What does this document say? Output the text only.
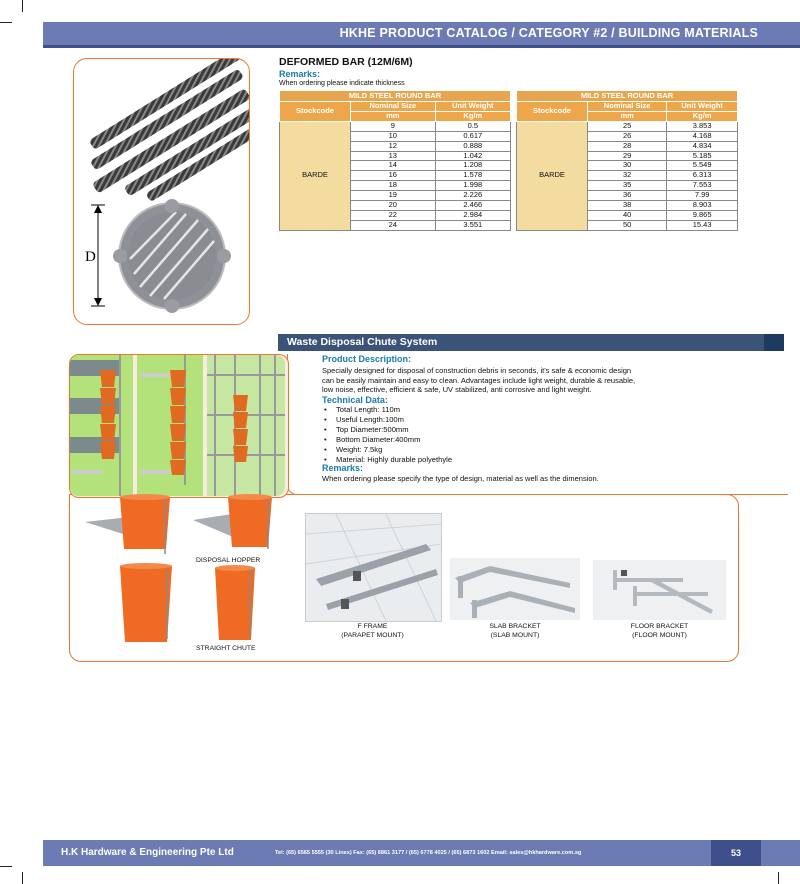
HKHE PRODUCT CATALOG / CATEGORY #2 / BUILDING MATERIALS
D
DEFORMED BAR (12M/6M)
Remarks:
When ordering please indicate thickness
MILD STEEL ROUND BAR		
Stockcode	Nominal Size	Unit Weight
	mm	Kg/m
BARDE	9	0.5
	10	0.617
	12	0.888
	13	1.042
	14	1.208
	16	1.578
	18	1.998
	19	2.226
	20	2.466
	22	2.984
	24	3.551
MILD STEEL ROUND BAR		
Stockcode	Nominal Size	Unit Weight
	mm	Kg/m
BARDE	25	3.853
	26	4.168
	28	4.834
	29	5.185
	30	5.549
	32	6.313
	35	7.553
	36	7.99
	38	8.903
	40	9.865
	50	15.43
Waste Disposal Chute System
Product Description:
Specially designed for disposal of construction debris in seconds, it's safe & economic design
can be easily maintain and easy to clean. Advantages include light weight, durable & reusable,
low noise, effective, efficient & safe, UV stabilized, anti corrosive and light weight.
Technical Data:
• Total Length: 110m
• Useful Length:100m
• Top Diameter:500mm
• Bottom Diameter:400mm
• Weight: 7.5kg
• Material: Highly durable polyethyle
Remarks:
When ordering please specify the type of design, material as well as the dimension.
DISPOSAL HOPPER
STRAIGHT CHUTE
F FRAME
(PARAPET MOUNT)
SLAB BRACKET
(SLAB MOUNT)
FLOOR BRACKET
(FLOOR MOUNT)
H.K Hardware & Engineering Pte Ltd	Tel: (65) 6565 5555 (30 Lines) Fax: (65) 6861 3177 / (65) 6778 4025 / (65) 6873 1602 Email: sales@hkhardware.com.sg	53
